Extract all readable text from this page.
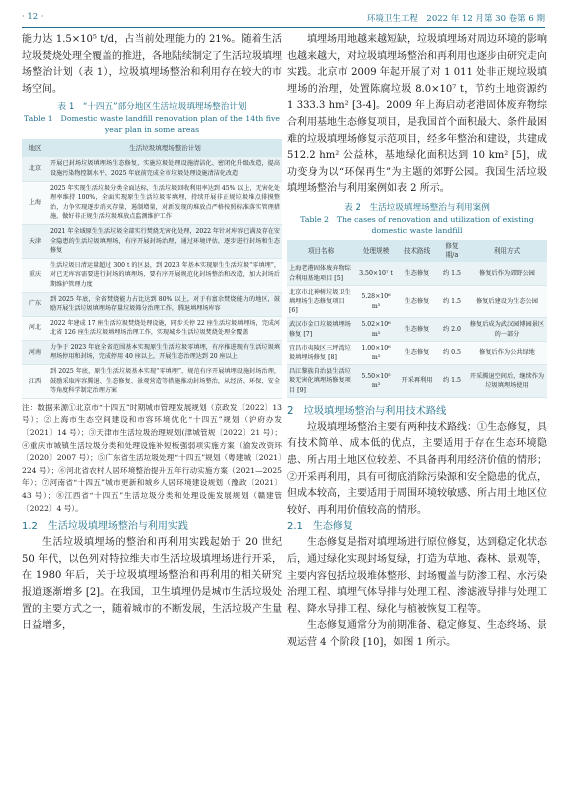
· 12 ·	环境卫生工程　2022 年 12 月第 30 卷第 6 期

能力达 1.5×10⁵ t/d，占当前处理能力的 21%。随着生活垃圾焚烧处理全覆盖的推进，各地陆续制定了生活垃圾填埋场整治计划（表 1），垃圾填埋场整治和利用存在较大的市场空间。

表 1　“十四五”部分地区生活垃圾填埋场整治计划
Table 1　Domestic waste landfill renovation plan of the 14th five year plan in some areas
地区	生活垃圾填埋场整治计划
北京	开展已封场垃圾填埋场生态修复，实施垃圾处理设施清洁化、密闭化升级改造，提高设施污染物控制水平，2025 年底前完成全市垃圾处理设施清洁化改造
上海	2025 年实现生活垃圾分类全面达标，生活垃圾回收利用率达到 45% 以上，无害化处理率维持 100%，全面实现原生生活垃圾零填埋，持续开展非正规垃圾堆点排摸整治，力争实现逐步消灭存量，遏制增量，对新发现的堆放点严格按照标准落实管理措施，做好非正规生活垃圾堆放点监测维护工作
天津	2021 年全域原生生活垃圾全部实行焚烧无害化处理，2022 年针对库容已满及存在安全隐患的生活垃圾填埋场，有序开展封场治理，通过环境评估，逐步进行封场和生态修复
重庆	生活垃圾日清运量超过 300 t 的区县，到 2023 年基本实现原生生活垃圾“零填埋”，对已无库容需要进行封场的填埋场，要有序开展规范化封场整治和改造，加大封场后期维护管理力度
广东	到 2025 年底，全省焚烧能力占比达到 80% 以上，对于有富余焚烧能力的地区，鼓励开展生活垃圾填埋场存量垃圾筛分治理工作，腾退填埋场库容
河北	2022 年建成 17 座生活垃圾焚烧处理设施，同步关停 22 座生活垃圾填埋场，完成河北省 126 座生活垃圾填埋场治理工作，实现城乡生活垃圾焚烧处理全覆盖
河南	力争于 2023 年底全省范围基本实现原生生活垃圾零填埋，有序推进现有生活垃圾填埋场停用和封场，完成停用 40 座以上，开展生态治理达到 20 座以上
江西	到 2025 年底，原生生活垃圾基本实现“零填埋”，规范有序开展填埋设施封场治理，鼓励采取库容腾退、生态修复、景观营造等措施推动封场整治，从经济、环保、安全等角度科学制定治理方案

注：数据来源①北京市“十四五”时期城市管理发展规划（京政发〔2022〕13 号）；②上海市生态空间建设和市容环境优化“十四五”规划（沪府办发〔2021〕14 号）；③天津市生活垃圾治理规划(津城管规〔2022〕21 号）；④重庆市城镇生活垃圾分类和处理设施补短板强弱项实施方案（渝发改资环〔2020〕2007 号）；⑤广东省生活垃圾处理“十四五”规划（粤建城〔2021〕224 号）；⑥河北省农村人居环境整治提升五年行动实施方案（2021—2025 年）；⑦河南省“十四五”城市更新和城乡人居环境建设规划（豫政〔2021〕43 号）；⑧江西省“十四五”生活垃圾分类和处理设施发展规划（赣建管〔2022〕4 号）。

1.2　生活垃圾填埋场整治与利用实践

生活垃圾填埋场的整治和再利用实践起始于 20 世纪 50 年代，以色列对特拉维夫市生活垃圾填埋场进行开采，在 1980 年后，关于垃圾填埋场整治和再利用的相关研究报道逐渐增多 [2]。在我国，卫生填埋仍是城市生活垃圾处置的主要方式之一，随着城市的不断发展，生活垃圾产生量日益增多，

填埋场用地越来越短缺，垃圾填埋场对周边环境的影响也越来越大，对垃圾填埋场整治和再利用也逐步由研究走向实践。北京市 2009 年起开展了对 1 011 处非正规垃圾填埋场的治理，处置陈腐垃圾 8.0×10⁷ t，节约土地资源约 1 333.3 hm² [3-4]。2009 年上海启动老港固体废弃物综合利用基地生态修复项目，是我国首个面积最大、条件最困难的垃圾填埋场修复示范项目，经多年整治和建设，共建成 512.2 hm² 公益林，基地绿化面积达到 10 km² [5]，成功变身为以“环保再生”为主题的郊野公园。我国生活垃圾填埋场整治与利用案例如表 2 所示。

表 2　生活垃圾填埋场整治与利用案例
Table 2　The cases of renovation and utilization of existing domestic waste landfill
项目名称	处理规模	技术路线	修复期/a	利用方式
上海老港固体废弃物综合利用基地项目 [5]	3.50×10⁷ t	生态修复	约 1.5	修复后作为郊野公园
北京市北神树垃圾卫生填埋场生态修复项目 [6]	5.28×10⁶ m³	生态修复	约 1.5	修复后建设为生态公园
武汉市金口垃圾填埋场修复 [7]	5.02×10⁶ m³	生态修复	约 2.0	修复后成为武汉园博园景区的一部分
宜昌市夷陵区三坪湾垃圾填埋场修复 [8]	1.00×10⁶ m³	生态修复	约 0.5	修复后作为公共绿地
昌江黎族自治县生活垃圾无害化填埋场修复项目 [9]	5.50×10⁵ m³	开采再利用	约 1.5	开采腾退空间后，继续作为垃圾填埋场使用

2　垃圾填埋场整治与利用技术路线

垃圾填埋场整治主要有两种技术路线：①生态修复，具有技术简单、成本低的优点，主要适用于存在生态环境隐患、所占用土地区位较差、不具备再利用经济价值的情形；②开采再利用，具有可彻底消除污染源和安全隐患的优点，但成本较高，主要适用于周围环境较敏感、所占用土地区位较好、再利用价值较高的情形。

2.1　生态修复

生态修复是指对填埋场进行原位修复，达到稳定化状态后，通过绿化实现封场复绿，打造为草地、森林、景观等，主要内容包括垃圾堆体整形、封场覆盖与防渗工程、水污染治理工程、填埋气体导排与处理工程、渗滤液导排与处理工程、降水导排工程、绿化与植被恢复工程等。

生态修复通常分为前期准备、稳定修复、生态终场、景观运营 4 个阶段 [10]，如图 1 所示。
